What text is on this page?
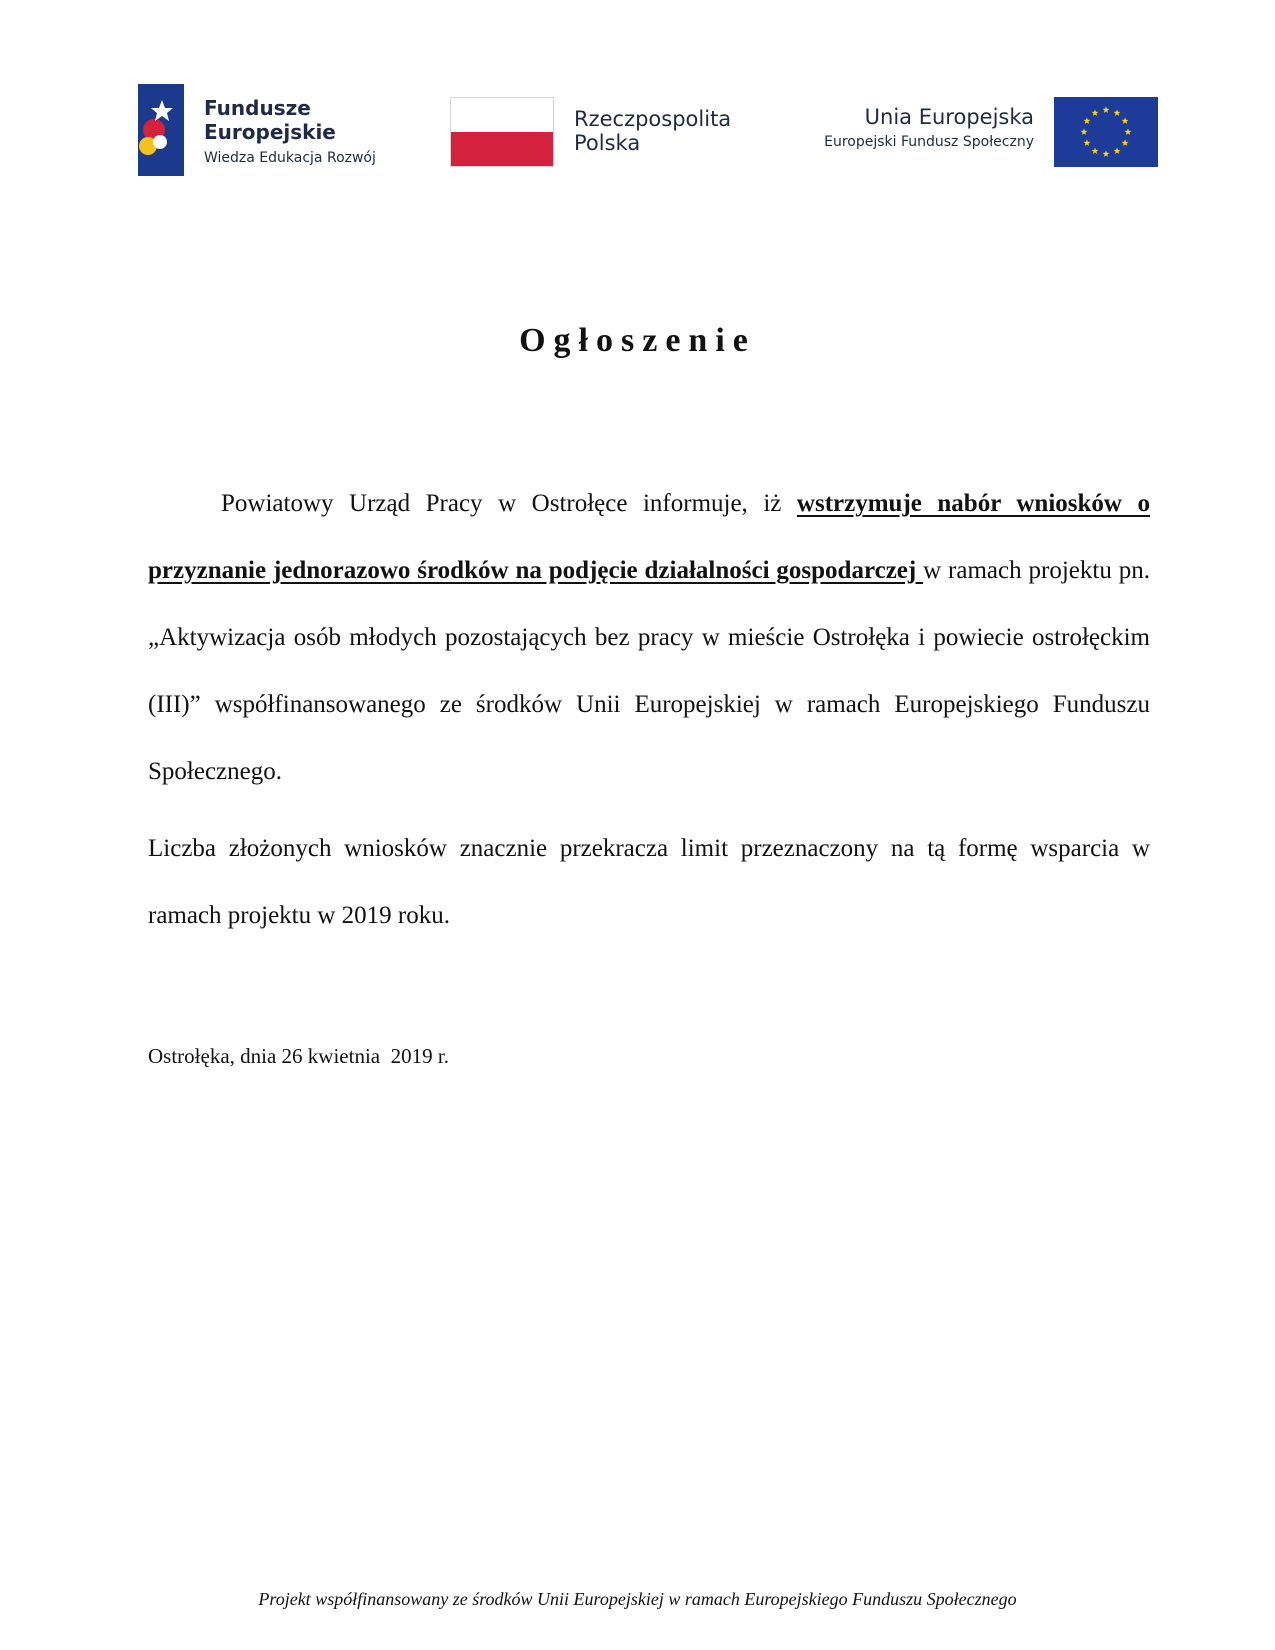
Fundusze
Europejskie
Wiedza Edukacja Rozwój
Rzeczpospolita
Polska
Unia Europejska
Europejski Fundusz Społeczny
Ogłoszenie

Powiatowy Urząd Pracy w Ostrołęce informuje, iż wstrzymuje nabór wniosków o przyznanie jednorazowo środków na podjęcie działalności gospodarczej w ramach projektu pn. „Aktywizacja osób młodych pozostających bez pracy w mieście Ostrołęka i powiecie ostrołęckim (III)” współfinansowanego ze środków Unii Europejskiej w ramach Europejskiego Funduszu Społecznego.

Liczba złożonych wniosków znacznie przekracza limit przeznaczony na tą formę wsparcia w ramach projektu w 2019 roku.

Ostrołęka, dnia 26 kwietnia  2019 r.
Projekt współfinansowany ze środków Unii Europejskiej w ramach Europejskiego Funduszu Społecznego
